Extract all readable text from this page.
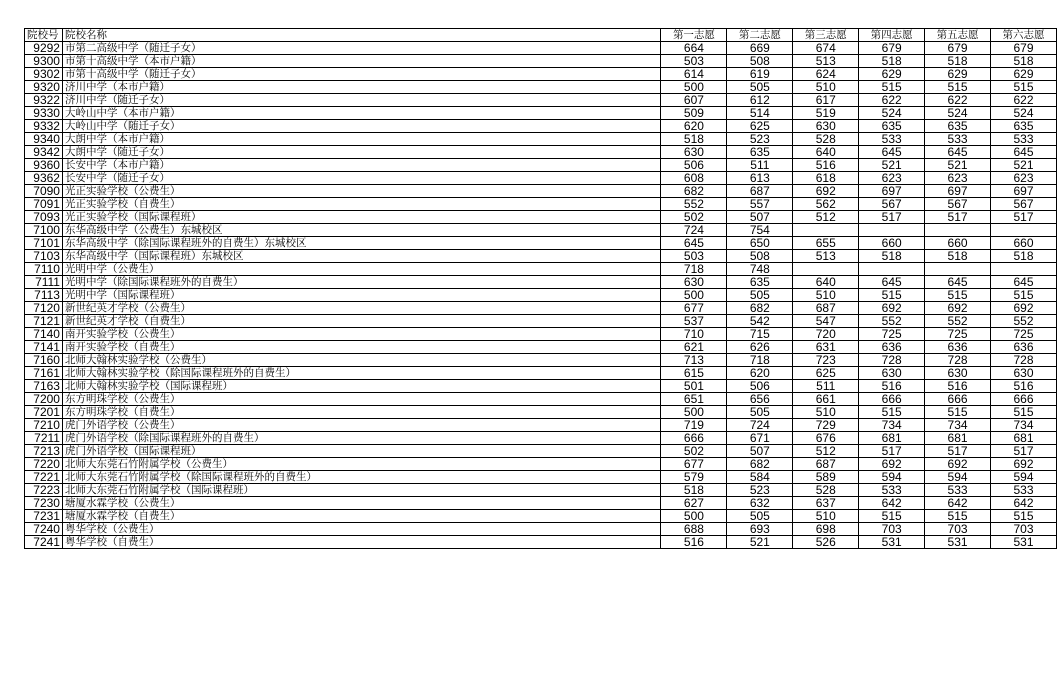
院校号	院校名称	第一志愿	第二志愿	第三志愿	第四志愿	第五志愿	第六志愿
9292	市第二高级中学（随迁子女）	664	669	674	679	679	679
9300	市第十高级中学（本市户籍）	503	508	513	518	518	518
9302	市第十高级中学（随迁子女）	614	619	624	629	629	629
9320	济川中学（本市户籍）	500	505	510	515	515	515
9322	济川中学（随迁子女）	607	612	617	622	622	622
9330	大岭山中学（本市户籍）	509	514	519	524	524	524
9332	大岭山中学（随迁子女）	620	625	630	635	635	635
9340	大朗中学（本市户籍）	518	523	528	533	533	533
9342	大朗中学（随迁子女）	630	635	640	645	645	645
9360	长安中学（本市户籍）	506	511	516	521	521	521
9362	长安中学（随迁子女）	608	613	618	623	623	623
7090	光正实验学校（公费生）	682	687	692	697	697	697
7091	光正实验学校（自费生）	552	557	562	567	567	567
7093	光正实验学校（国际课程班）	502	507	512	517	517	517
7100	东华高级中学（公费生）东城校区	724	754				
7101	东华高级中学（除国际课程班外的自费生）东城校区	645	650	655	660	660	660
7103	东华高级中学（国际课程班）东城校区	503	508	513	518	518	518
7110	光明中学（公费生）	718	748				
7111	光明中学（除国际课程班外的自费生）	630	635	640	645	645	645
7113	光明中学（国际课程班）	500	505	510	515	515	515
7120	新世纪英才学校（公费生）	677	682	687	692	692	692
7121	新世纪英才学校（自费生）	537	542	547	552	552	552
7140	南开实验学校（公费生）	710	715	720	725	725	725
7141	南开实验学校（自费生）	621	626	631	636	636	636
7160	北师大翰林实验学校（公费生）	713	718	723	728	728	728
7161	北师大翰林实验学校（除国际课程班外的自费生）	615	620	625	630	630	630
7163	北师大翰林实验学校（国际课程班）	501	506	511	516	516	516
7200	东方明珠学校（公费生）	651	656	661	666	666	666
7201	东方明珠学校（自费生）	500	505	510	515	515	515
7210	虎门外语学校（公费生）	719	724	729	734	734	734
7211	虎门外语学校（除国际课程班外的自费生）	666	671	676	681	681	681
7213	虎门外语学校（国际课程班）	502	507	512	517	517	517
7220	北师大东莞石竹附属学校（公费生）	677	682	687	692	692	692
7221	北师大东莞石竹附属学校（除国际课程班外的自费生）	579	584	589	594	594	594
7223	北师大东莞石竹附属学校（国际课程班）	518	523	528	533	533	533
7230	塘厦水霖学校（公费生）	627	632	637	642	642	642
7231	塘厦水霖学校（自费生）	500	505	510	515	515	515
7240	粤华学校（公费生）	688	693	698	703	703	703
7241	粤华学校（自费生）	516	521	526	531	531	531
